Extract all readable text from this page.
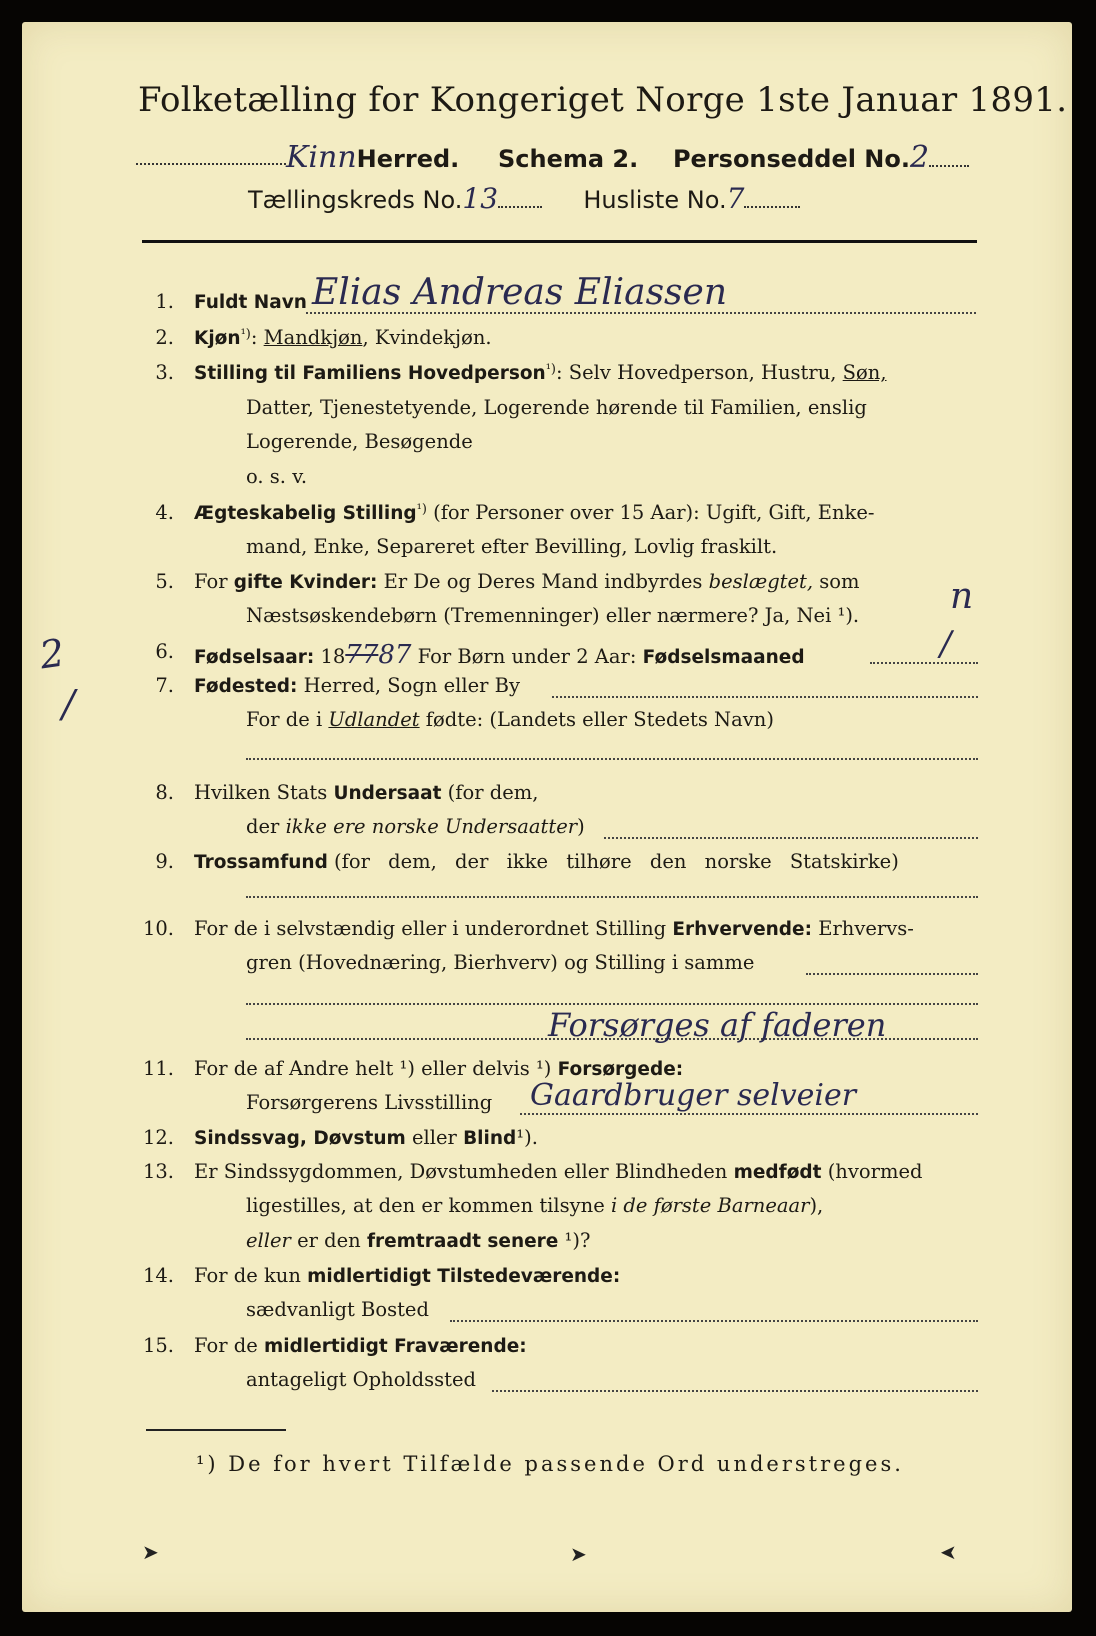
Folketælling for Kongeriget Norge 1ste Januar 1891.
KinnHerred. Schema 2. Personseddel No.2
Tællingskreds No.13	Husliste No.7
1. Fuldt Navn Elias Andreas Eliassen
2. Kjøn$^{^1)}$: Mandkjøn, Kvindekjøn.
3. Stilling til Familiens Hovedperson$^{^1)}$: Selv Hovedperson, Hustru, Søn,
Datter, Tjenestetyende, Logerende hørende til Familien, enslig
Logerende, Besøgende
o. s. v.
4. Ægteskabelig Stilling$^{^1)}$ (for Personer over 15 Aar): Ugift, Gift, Enke-
mand, Enke, Separeret efter Bevilling, Lovlig fraskilt.
5. For gifte Kvinder: Er De og Deres Mand indbyrdes beslægtet, som
Næstsøskendebørn (Tremenninger) eller nærmere? Ja, Nei ¹).	n
6. Fødselsaar: 187787 For Børn under 2 Aar: Fødselsmaaned	/
7. Fødested: Herred, Sogn eller By
For de i Udlandet fødte: (Landets eller Stedets Navn)
8. Hvilken Stats Undersaat (for dem,
der ikke ere norske Undersaatter)
9. Trossamfund (for dem, der ikke tilhøre den norske Statskirke)
10. For de i selvstændig eller i underordnet Stilling Erhvervende: Erhvervs-
gren (Hovednæring, Bierhverv) og Stilling i samme
Forsørges af faderen
11. For de af Andre helt ¹) eller delvis ¹) Forsørgede:
Forsørgerens Livsstilling Gaardbruger selveier
12. Sindssvag, Døvstum eller Blind¹).
13. Er Sindssygdommen, Døvstumheden eller Blindheden medfødt (hvormed
ligestilles, at den er kommen tilsyne i de første Barneaar),
eller er den fremtraadt senere ¹)?
14. For de kun midlertidigt Tilstedeværende:
sædvanligt Bosted
15. For de midlertidigt Fraværende:
antageligt Opholdssted
2
/
¹) De for hvert Tilfælde passende Ord understreges.
➤	➤	➤
